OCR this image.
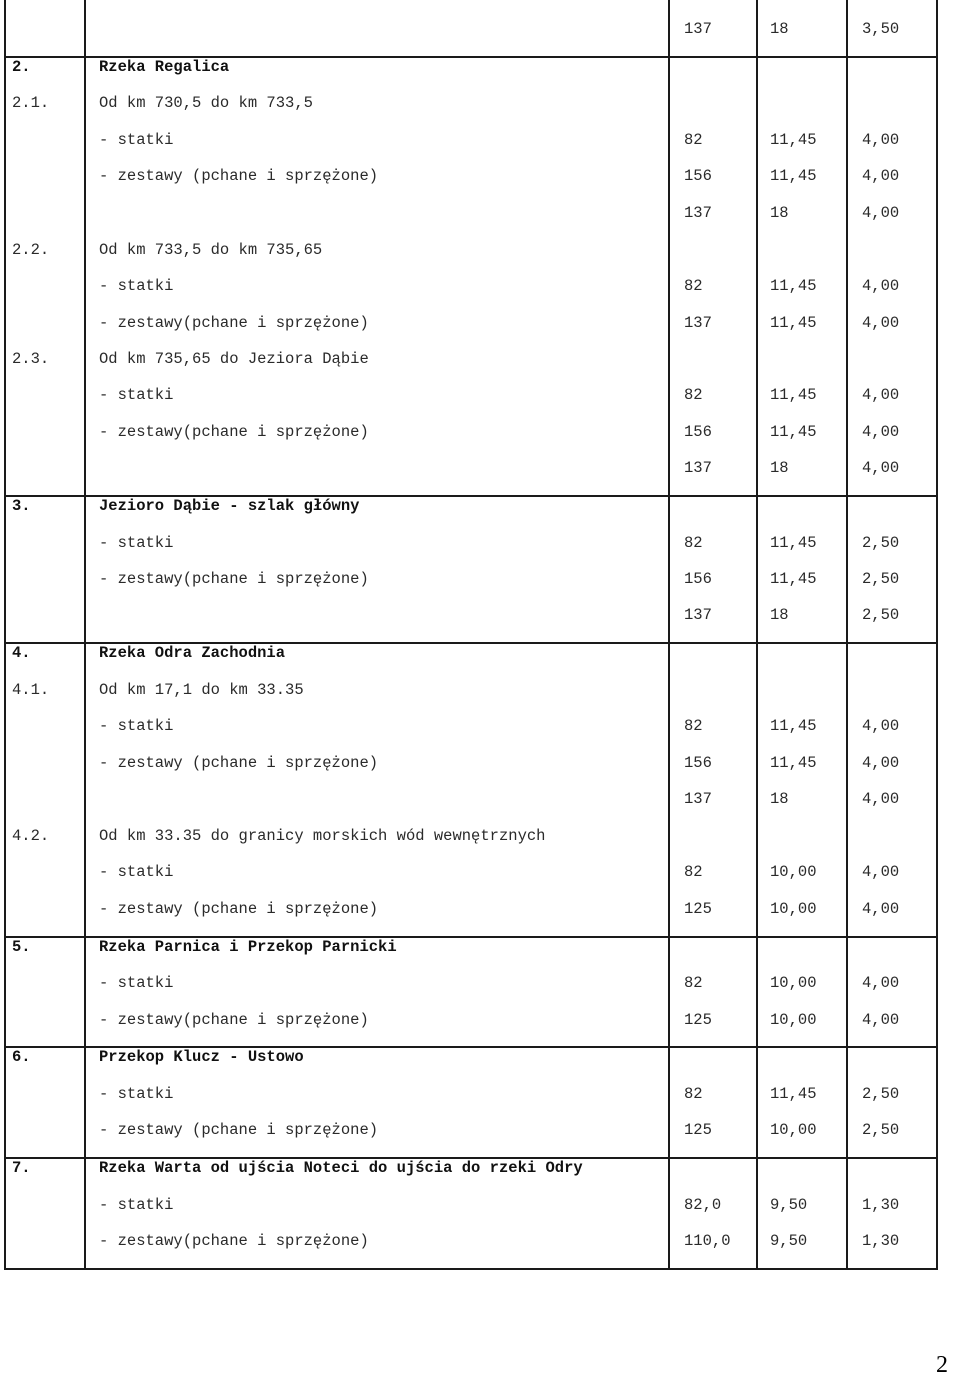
137	18	3,50
2.	Rzeka Regalica
2.1.	Od km 730,5 do km 733,5
- statki	82	11,45	4,00
- zestawy (pchane i sprzężone)	156	11,45	4,00
137	18	4,00
2.2.	Od km 733,5 do km 735,65
- statki	82	11,45	4,00
- zestawy(pchane i sprzężone)	137	11,45	4,00
2.3.	Od km 735,65 do Jeziora Dąbie
- statki	82	11,45	4,00
- zestawy(pchane i sprzężone)	156	11,45	4,00
137	18	4,00
3.	Jezioro Dąbie - szlak główny
- statki	82	11,45	2,50
- zestawy(pchane i sprzężone)	156	11,45	2,50
137	18	2,50
4.	Rzeka Odra Zachodnia
4.1.	Od km 17,1 do km 33.35
- statki	82	11,45	4,00
- zestawy (pchane i sprzężone)	156	11,45	4,00
137	18	4,00
4.2.	Od km 33.35 do granicy morskich wód wewnętrznych
- statki	82	10,00	4,00
- zestawy (pchane i sprzężone)	125	10,00	4,00
5.	Rzeka Parnica i Przekop Parnicki
- statki	82	10,00	4,00
- zestawy(pchane i sprzężone)	125	10,00	4,00
6.	Przekop Klucz - Ustowo
- statki	82	11,45	2,50
- zestawy (pchane i sprzężone)	125	10,00	2,50
7.	Rzeka Warta od ujścia Noteci do ujścia do rzeki Odry
- statki	82,0	9,50	1,30
- zestawy(pchane i sprzężone)	110,0	9,50	1,30
2
